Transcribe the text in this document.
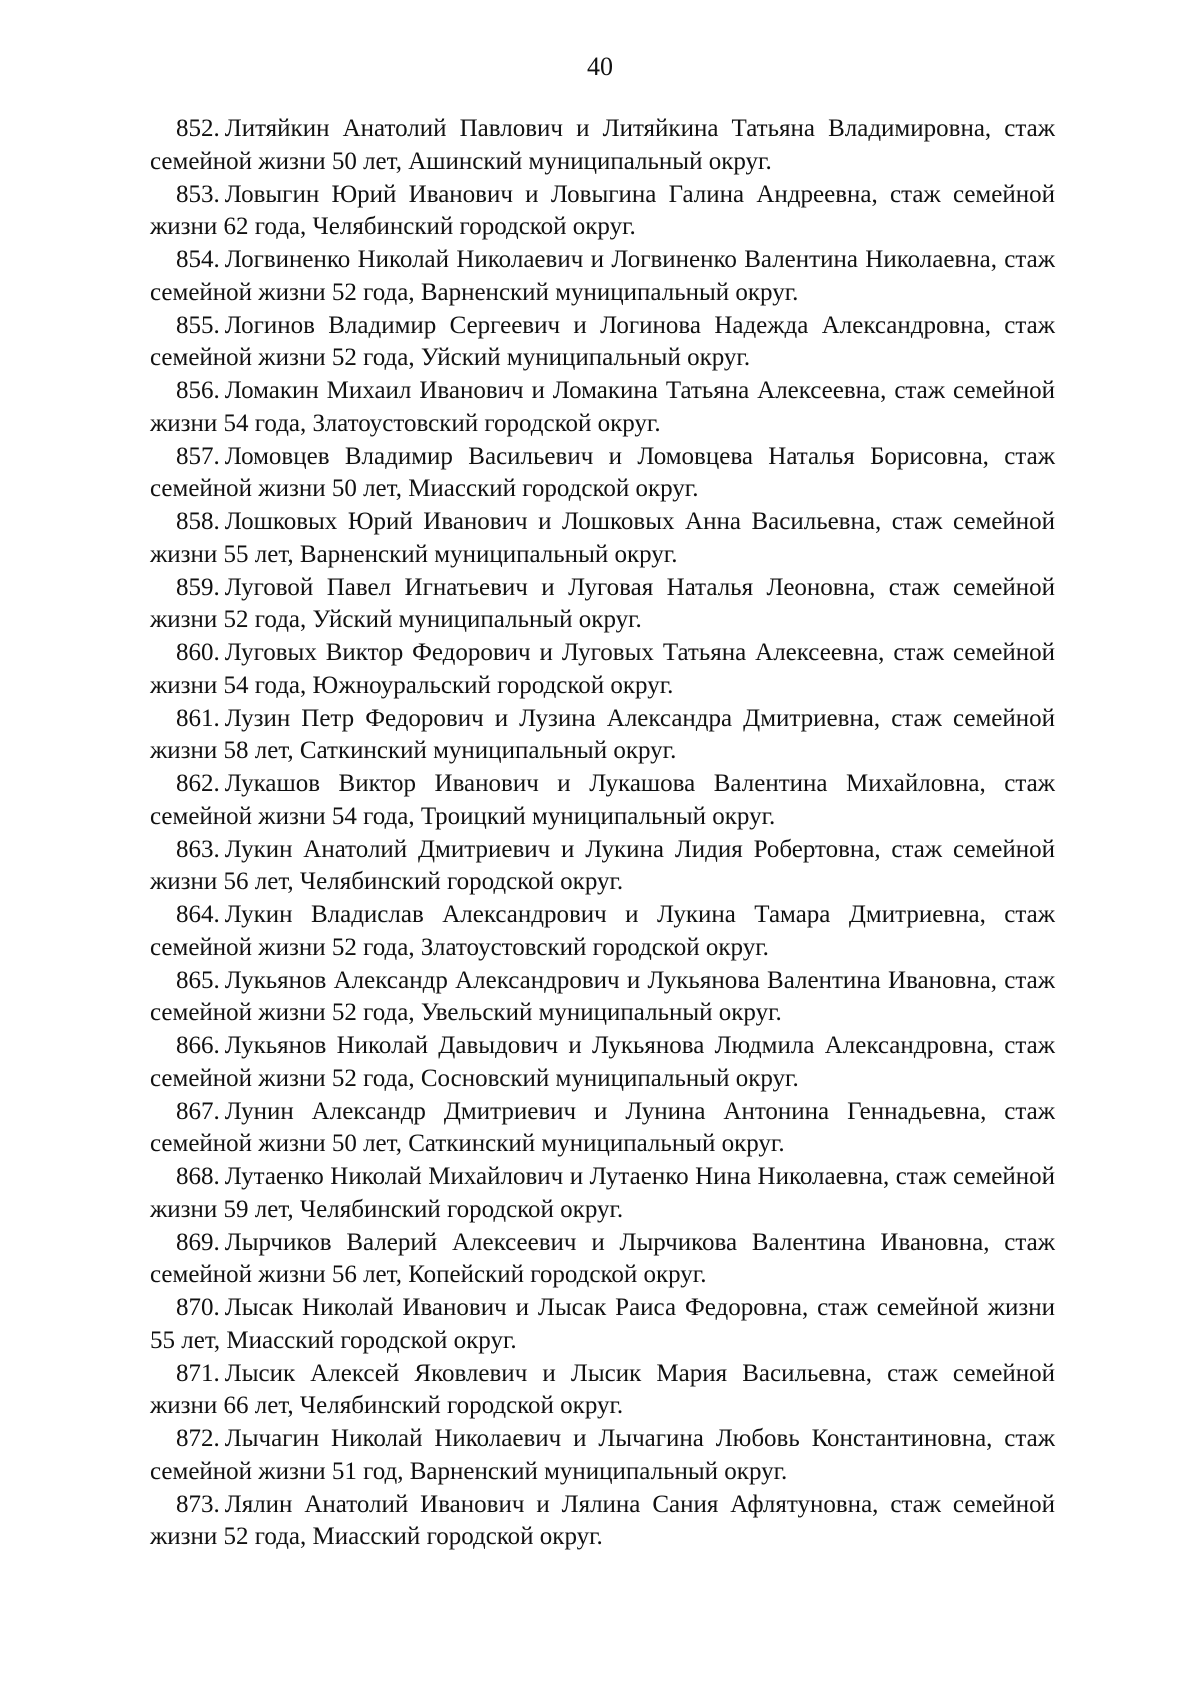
40

852. Литяйкин Анатолий Павлович и Литяйкина Татьяна Владимировна, стаж семейной жизни 50 лет, Ашинский муниципальный округ.

853. Ловыгин Юрий Иванович и Ловыгина Галина Андреевна, стаж семейной жизни 62 года, Челябинский городской округ.

854. Логвиненко Николай Николаевич и Логвиненко Валентина Николаевна, стаж семейной жизни 52 года, Варненский муниципальный округ.

855. Логинов Владимир Сергеевич и Логинова Надежда Александровна, стаж семейной жизни 52 года, Уйский муниципальный округ.

856. Ломакин Михаил Иванович и Ломакина Татьяна Алексеевна, стаж семейной жизни 54 года, Златоустовский городской округ.

857. Ломовцев Владимир Васильевич и Ломовцева Наталья Борисовна, стаж семейной жизни 50 лет, Миасский городской округ.

858. Лошковых Юрий Иванович и Лошковых Анна Васильевна, стаж семейной жизни 55 лет, Варненский муниципальный округ.

859. Луговой Павел Игнатьевич и Луговая Наталья Леоновна, стаж семейной жизни 52 года, Уйский муниципальный округ.

860. Луговых Виктор Федорович и Луговых Татьяна Алексеевна, стаж семейной жизни 54 года, Южноуральский городской округ.

861. Лузин Петр Федорович и Лузина Александра Дмитриевна, стаж семейной жизни 58 лет, Саткинский муниципальный округ.

862. Лукашов Виктор Иванович и Лукашова Валентина Михайловна, стаж семейной жизни 54 года, Троицкий муниципальный округ.

863. Лукин Анатолий Дмитриевич и Лукина Лидия Робертовна, стаж семейной жизни 56 лет, Челябинский городской округ.

864. Лукин Владислав Александрович и Лукина Тамара Дмитриевна, стаж семейной жизни 52 года, Златоустовский городской округ.

865. Лукьянов Александр Александрович и Лукьянова Валентина Ивановна, стаж семейной жизни 52 года, Увельский муниципальный округ.

866. Лукьянов Николай Давыдович и Лукьянова Людмила Александровна, стаж семейной жизни 52 года, Сосновский муниципальный округ.

867. Лунин Александр Дмитриевич и Лунина Антонина Геннадьевна, стаж семейной жизни 50 лет, Саткинский муниципальный округ.

868. Лутаенко Николай Михайлович и Лутаенко Нина Николаевна, стаж семейной жизни 59 лет, Челябинский городской округ.

869. Лырчиков Валерий Алексеевич и Лырчикова Валентина Ивановна, стаж семейной жизни 56 лет, Копейский городской округ.

870. Лысак Николай Иванович и Лысак Раиса Федоровна, стаж семейной жизни 55 лет, Миасский городской округ.

871. Лысик Алексей Яковлевич и Лысик Мария Васильевна, стаж семейной жизни 66 лет, Челябинский городской округ.

872. Лычагин Николай Николаевич и Лычагина Любовь Константиновна, стаж семейной жизни 51 год, Варненский муниципальный округ.

873. Лялин Анатолий Иванович и Лялина Сания Афлятуновна, стаж семейной жизни 52 года, Миасский городской округ.
